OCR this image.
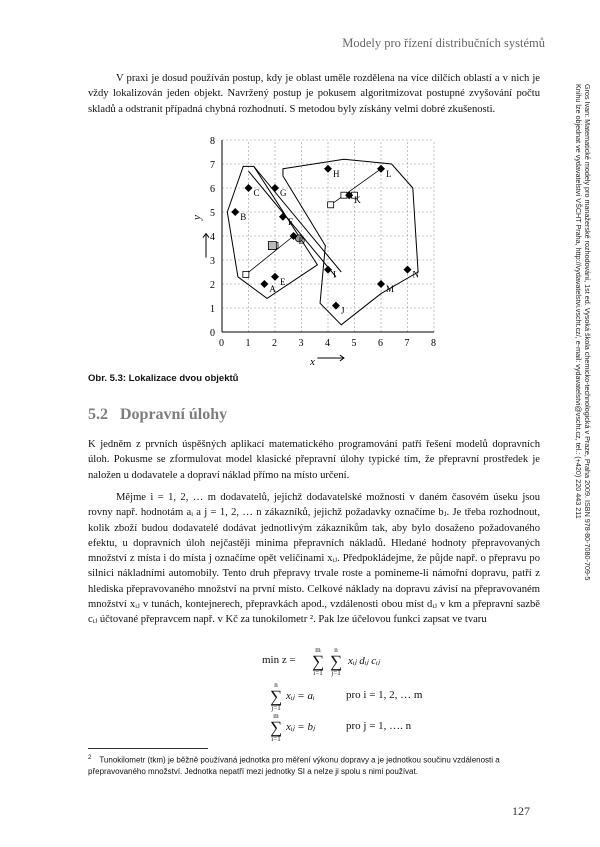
Modely pro řízení distribučních systémů
Gros Ivan: Matematické modely pro manažerské rozhodování, 1st ed. Vysoká škola chemicko-technologická v Praze, Praha 2009. ISBN 978-80-7080-709-5
Knihu lze objednat ve vydavatelství VŠCHT Praha, http://vydavatelstvi.vscht.cz/, e-mail: vydavatelstvi@vscht.cz, tel.: (+420) 220 443 211

V praxi je dosud používán postup, kdy je oblast uměle rozdělena na více dílčích oblastí a v nich je vždy lokalizován jeden objekt. Navržený postup je pokusem algoritmizovat postupné zvyšování počtu skladů a odstranit případná chybná rozhodnutí. S metodou byly získány velmi dobré zkušenosti.

0 1 2 3 4 5 6 7 8
0
1
2
3
4
5
6
7
8
A
B
C
D
E
F
G
H
I
J
K
L
M
N
x
y
Obr. 5.3: Lokalizace dvou objektů
5.2 Dopravní úlohy

K jedněm z prvních úspěšných aplikací matematického programování patří řešení modelů dopravních úloh. Pokusme se zformulovat model klasické přepravní úlohy typické tím, že přepravní prostředek je naložen u dodavatele a dopraví náklad přímo na místo určení.

Mějme i = 1, 2, … m dodavatelů, jejichž dodavatelské možnosti v daném časovém úseku jsou rovny např. hodnotám aᵢ a j = 1, 2, … n zákazníků, jejichž požadavky označíme bⱼ. Je třeba rozhodnout, kolik zboží budou dodavatelé dodávat jednotlivým zákazníkům tak, aby bylo dosaženo požadovaného efektu, u dopravních úloh nejčastěji minima přepravních nákladů. Hledané hodnoty přepravovaných množství z místa i do místa j označíme opět veličinami xᵢⱼ. Předpokládejme, že půjde např. o přepravu po silnici nákladními automobily. Tento druh přepravy trvale roste a pomineme-li námořní dopravu, patří z hlediska přepravovaného množství na první místo. Celkové náklady na dopravu závisí na přepravovaném množství xᵢⱼ v tunách, kontejnerech, přepravkách apod., vzdálenosti obou míst dᵢⱼ v km a přepravní sazbě cᵢⱼ účtované přepravcem např. v Kč za tunokilometr ². Pak lze účelovou funkci zapsat ve tvaru

min z =
m
∑
i=1
n
∑
j=1
xᵢⱼ dᵢⱼ cᵢⱼ
n
∑
j=1
xᵢⱼ = aᵢ	pro i = 1, 2, … m
m
∑
i=1
xᵢⱼ = bⱼ	pro j = 1, …. n
$^2$ Tunokilometr (tkm) je běžně používaná jednotka pro měření výkonu dopravy a je jednotkou součinu vzdálenosti a přepravovaného množství. Jednotka nepatří mezi jednotky SI a nelze ji spolu s nimi používat.
127
